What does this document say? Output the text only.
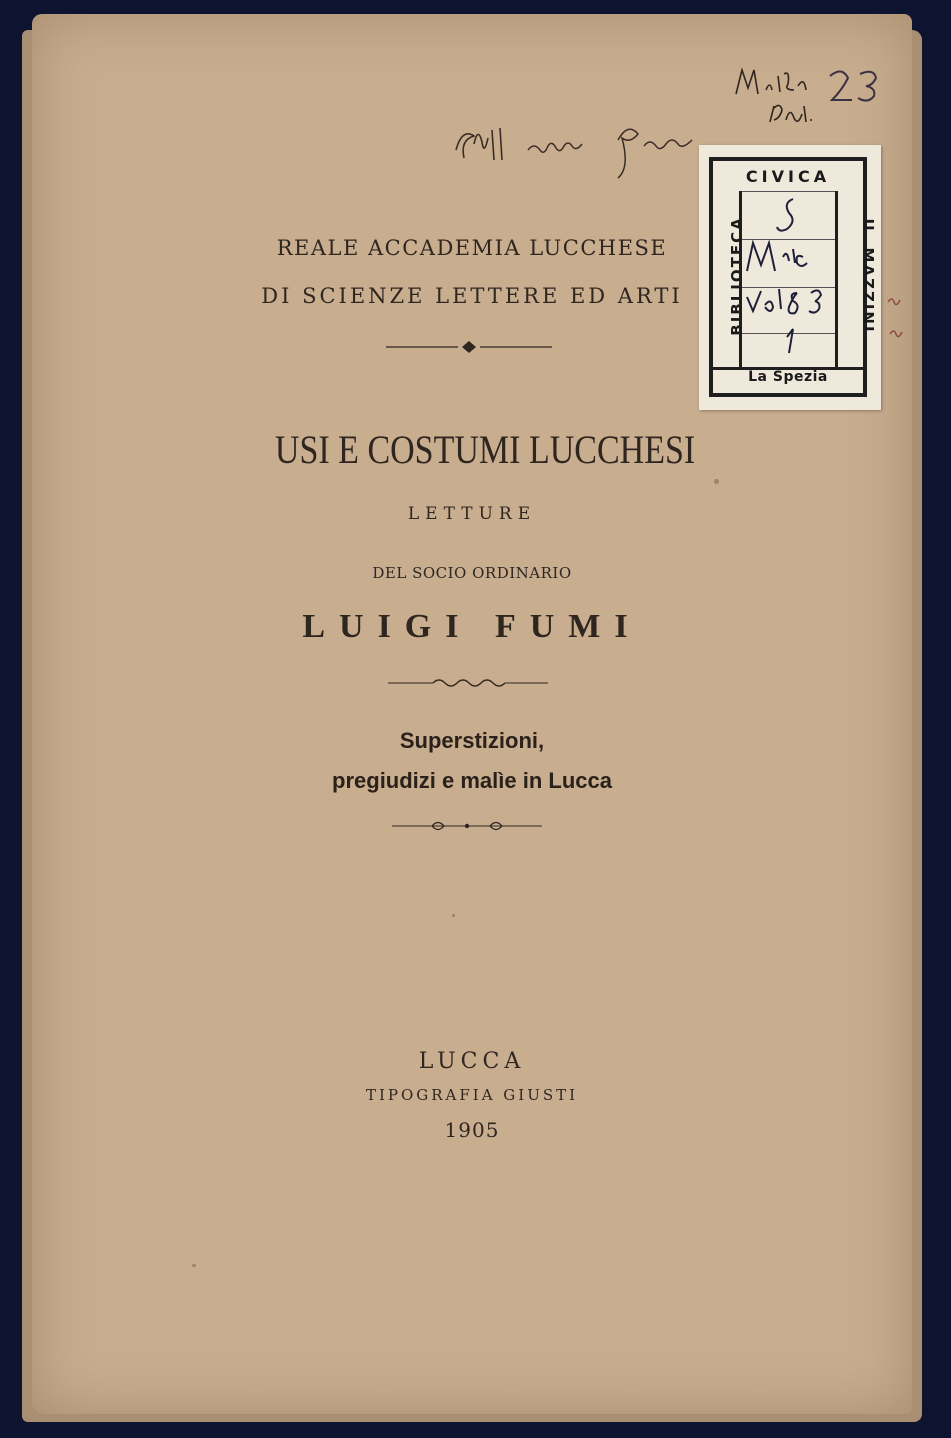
REALE ACCADEMIA LUCCHESE
DI SCIENZE LETTERE ED ARTI
USI E COSTUMI LUCCHESI
LETTURE
DEL SOCIO ORDINARIO
LUIGI FUMI
Superstizioni,
pregiudizi e malìe in Lucca
LUCCA
TIPOGRAFIA GIUSTI
1905
CIVICA
BIBLIOTECA	U. MAZZINI
La Spezia
